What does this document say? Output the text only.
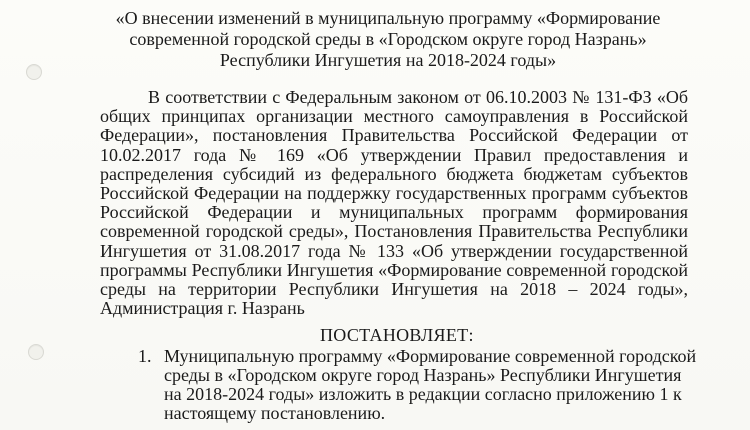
«О внесении изменений в муниципальную программу «Формирование
современной городской среды в «Городском округе город Назрань»
Республики Ингушетия на 2018-2024 годы»
В соответствии с Федеральным законом от 06.10.2003 № 131-ФЗ «Об
общих принципах организации местного самоуправления в Российской
Федерации», постановления Правительства Российской Федерации от
10.02.2017 года № 169 «Об утверждении Правил предоставления и
распределения субсидий из федерального бюджета бюджетам субъектов
Российской Федерации на поддержку государственных программ субъектов
Российской Федерации и муниципальных программ формирования
современной городской среды», Постановления Правительства Республики
Ингушетия от 31.08.2017 года № 133 «Об утверждении государственной
программы Республики Ингушетия «Формирование современной городской
среды на территории Республики Ингушетия на 2018 – 2024 годы»,
Администрация г. Назрань
ПОСТАНОВЛЯЕТ:
1. Муниципальную программу «Формирование современной городской
среды в «Городском округе город Назрань» Республики Ингушетия
на 2018-2024 годы» изложить в редакции согласно приложению 1 к
настоящему постановлению.
